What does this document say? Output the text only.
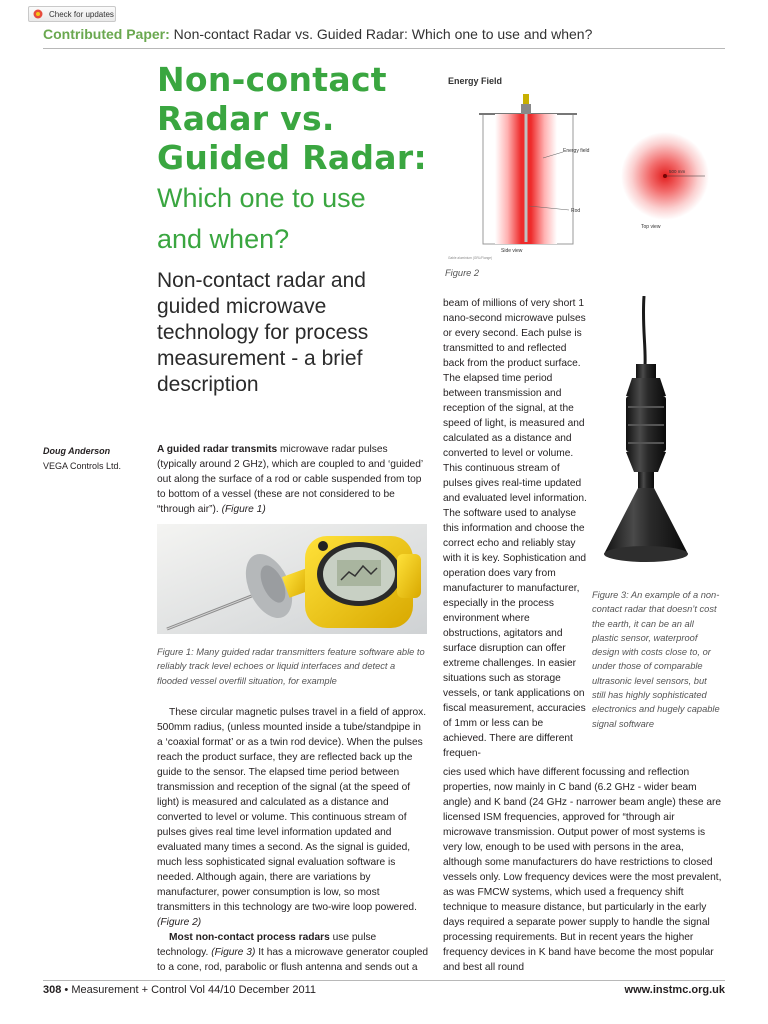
Check for updates
Contributed Paper: Non-contact Radar vs. Guided Radar: Which one to use and when?
Non-contact
Radar vs.
Guided Radar:
Which one to use
and when?
Non-contact radar and guided microwave technology for process measurement - a brief description
Doug Anderson
VEGA Controls Ltd.
A guided radar transmits microwave radar pulses (typically around 2 GHz), which are coupled to and ‘guided’ out along the surface of a rod or cable suspended from top to bottom of a vessel (these are not considered to be “through air”). (Figure 1)
Figure 1: Many guided radar transmitters feature software able to reliably track level echoes or liquid interfaces and detect a flooded vessel overfill situation, for example

These circular magnetic pulses travel in a field of approx. 500mm radius, (unless mounted inside a tube/standpipe in a ‘coaxial format’ or as a twin rod device). When the pulses reach the product surface, they are reflected back up the guide to the sensor. The elapsed time period between transmission and reception of the signal (at the speed of light) is measured and calculated as a distance and converted to level or volume. This continuous stream of pulses gives real time level information updated and evaluated many times a second. As the signal is guided, much less sophisticated signal evaluation software is needed. Although again, there are variations by manufacturer, power consumption is low, so most transmitters in this technology are two-wire loop powered. (Figure 2)

Most non-contact process radars use pulse technology. (Figure 3) It has a microwave generator coupled to a cone, rod, parabolic or flush antenna and sends out a

Energy Field
Energy field
Rod
Side view
Gable aluminium (GRL/Flange)
500 mm
Top view
Figure 2
beam of millions of very short 1 nano-second microwave pulses or every second. Each pulse is transmitted to and reflected back from the product surface. The elapsed time period between transmission and reception of the signal, at the speed of light, is measured and calculated as a distance and converted to level or volume. This continuous stream of pulses gives real-time updated and evaluated level information. The software used to analyse this information and choose the correct echo and reliably stay with it is key. Sophistication and operation does vary from manufacturer to manufacturer, especially in the process environment where obstructions, agitators and surface disruption can offer extreme challenges. In easier situations such as storage vessels, or tank applications on fiscal measurement, accuracies of 1mm or less can be achieved. There are different frequen-
cies used which have different focussing and reflection properties, now mainly in C band (6.2 GHz - wider beam angle) and K band (24 GHz - narrower beam angle) these are licensed ISM frequencies, approved for “through air microwave transmission. Output power of most systems is very low, enough to be used with persons in the area, although some manufacturers do have restrictions to closed vessels only. Low frequency devices were the most prevalent, as was FMCW systems, which used a frequency shift technique to measure distance, but particularly in the early days required a separate power supply to handle the signal processing requirements. But in recent years the higher frequency devices in K band have become the most popular and best all round
Figure 3: An example of a non-contact radar that doesn’t cost the earth, it can be an all plastic sensor, waterproof design with costs close to, or under those of comparable ultrasonic level sensors, but still has highly sophisticated electronics and hugely capable signal software
308 • Measurement + Control Vol 44/10 December 2011	www.instmc.org.uk
